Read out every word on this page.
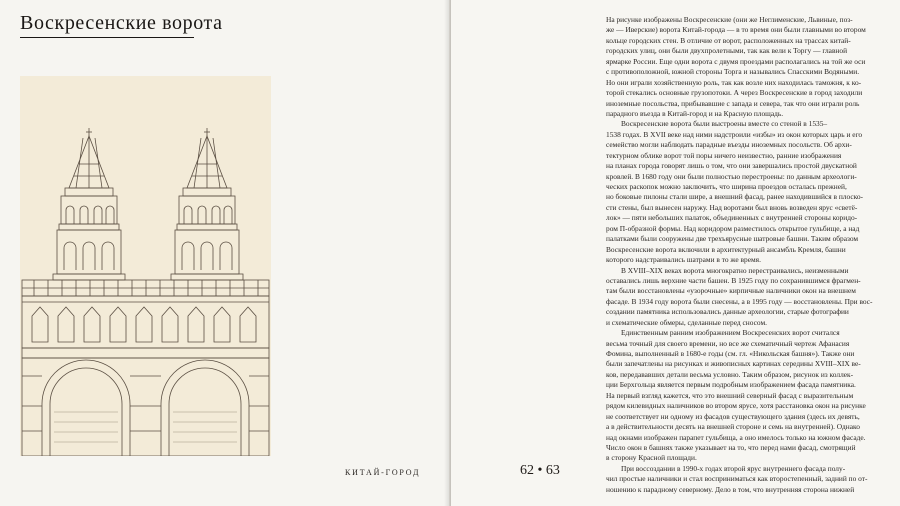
Воскресенские ворота
КИТАЙ-ГОРОД	62 • 63
На рисунке изображены Воскресенские (они же Неглименские, Львиные, поз-
же — Иверские) ворота Китай-города — в то время они были главными во втором
кольце городских стен. В отличие от ворот, расположенных на трассах китай-
городских улиц, они были двухпролетными, так как вели к Торгу — главной
ярмарке России. Еще одни ворота с двумя проездами располагались на той же оси
с противоположной, южной стороны Торга и назывались Спасскими Водяными.
Но они играли хозяйственную роль, так как возле них находилась таможня, к ко-
торой стекались основные грузопотоки. А через Воскресенские в город заходили
иноземные посольства, прибывавшие с запада и севера, так что они играли роль
парадного въезда в Китай-город и на Красную площадь.
Воскресенские ворота были выстроены вместе со стеной в 1535–
1538 годах. В XVII веке над ними надстроили «избы» из окон которых царь и его
семейство могли наблюдать парадные въезды иноземных посольств. Об архи-
тектурном облике ворот той поры ничего неизвестно, ранние изображения
на планах города говорят лишь о том, что они завершались простой двускатной
кровлей. В 1680 году они были полностью перестроены: по данным археологи-
ческих раскопок можно заключить, что ширина проездов осталась прежней,
но боковые пилоны стали шире, а внешний фасад, ранее находившийся в плоско-
сти стены, был вынесен наружу. Над воротами был вновь возведен ярус «светё-
лок» — пяти небольших палаток, объединенных с внутренней стороны коридо-
ром П-образной формы. Над коридором разместилось открытое гульбище, а над
палатками были сооружены две трехъярусные шатровые башни. Таким образом
Воскресенские ворота включили в архитектурный ансамбль Кремля, башни
которого надстраивались шатрами в то же время.
В XVIII–XIX веках ворота многократно перестраивались, неизменными
оставались лишь верхние части башен. В 1925 году по сохранившимся фрагмен-
там были восстановлены «узорочные» кирпичные наличники окон на внешнем
фасаде. В 1934 году ворота были снесены, а в 1995 году — восстановлены. При вос-
создании памятника использовались данные археологии, старые фотографии
и схематические обмеры, сделанные перед сносом.
Единственным ранним изображением Воскресенских ворот считался
весьма точный для своего времени, но все же схематичный чертеж Афанасия
Фомина, выполненный в 1680-е годы (см. гл. «Никольская башня»). Также они
были запечатлены на рисунках и живописных картинах середины XVIII–XIX ве-
ков, передававших детали весьма условно. Таким образом, рисунок из коллек-
ции Берхгольца является первым подробным изображением фасада памятника.
На первый взгляд кажется, что это внешний северный фасад с выразительным
рядом килевидных наличников во втором ярусе, хотя расстановка окон на рисунке
не соответствует ни одному из фасадов существующего здания (здесь их девять,
а в действительности десять на внешней стороне и семь на внутренней). Однако
над окнами изображен парапет гульбища, а оно имелось только на южном фасаде.
Число окон в башнях также указывает на то, что перед нами фасад, смотрящий
в сторону Красной площади.
При воссоздании в 1990-х годах второй ярус внутреннего фасада полу-
чил простые наличники и стал восприниматься как второстепенный, задний по от-
ношению к парадному северному. Дело в том, что внутренняя сторона нижней
